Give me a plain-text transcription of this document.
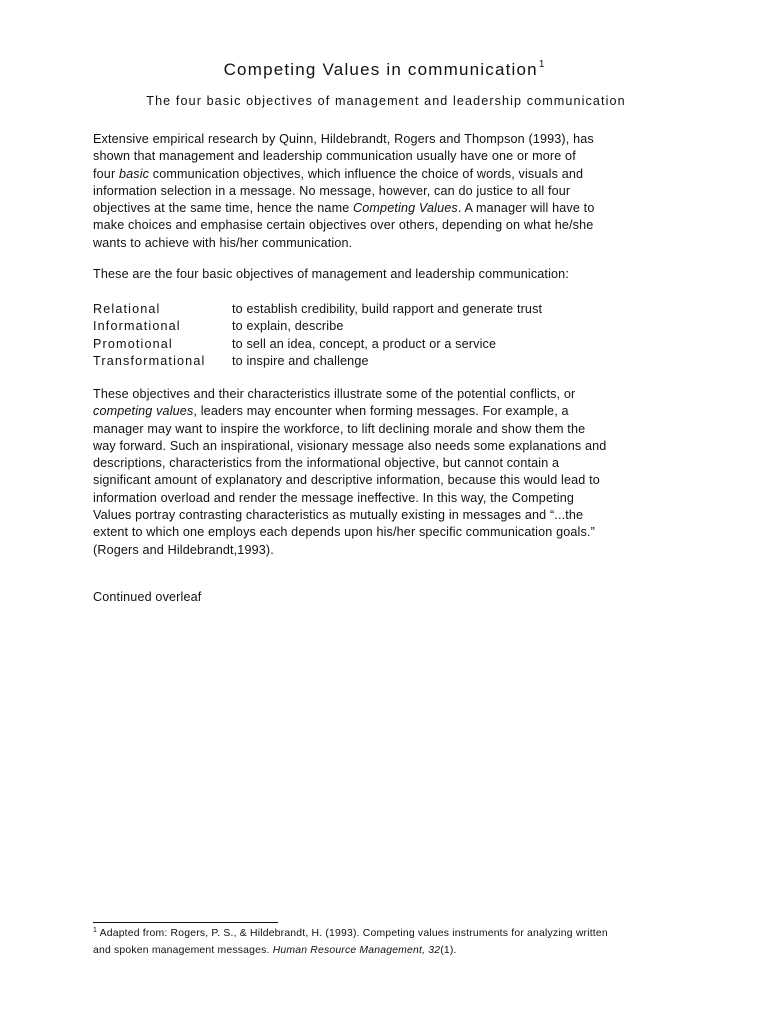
Competing Values in communication$^1$
The four basic objectives of management and leadership communication
Extensive empirical research by Quinn, Hildebrandt, Rogers and Thompson (1993), has
shown that management and leadership communication usually have one or more of
four basic communication objectives, which influence the choice of words, visuals and
information selection in a message. No message, however, can do justice to all four
objectives at the same time, hence the name Competing Values. A manager will have to
make choices and emphasise certain objectives over others, depending on what he/she
wants to achieve with his/her communication.
These are the four basic objectives of management and leadership communication:
Relational	to establish credibility, build rapport and generate trust
Informational	to explain, describe
Promotional	to sell an idea, concept, a product or a service
Transformational to inspire and challenge
These objectives and their characteristics illustrate some of the potential conflicts, or
competing values, leaders may encounter when forming messages. For example, a
manager may want to inspire the workforce, to lift declining morale and show them the
way forward. Such an inspirational, visionary message also needs some explanations and
descriptions, characteristics from the informational objective, but cannot contain a
significant amount of explanatory and descriptive information, because this would lead to
information overload and render the message ineffective. In this way, the Competing
Values portray contrasting characteristics as mutually existing in messages and “...the
extent to which one employs each depends upon his/her specific communication goals.”
(Rogers and Hildebrandt,1993).
Continued overleaf
$^1$ Adapted from: Rogers, P. S., & Hildebrandt, H. (1993). Competing values instruments for analyzing written
and spoken management messages. Human Resource Management, 32(1).
